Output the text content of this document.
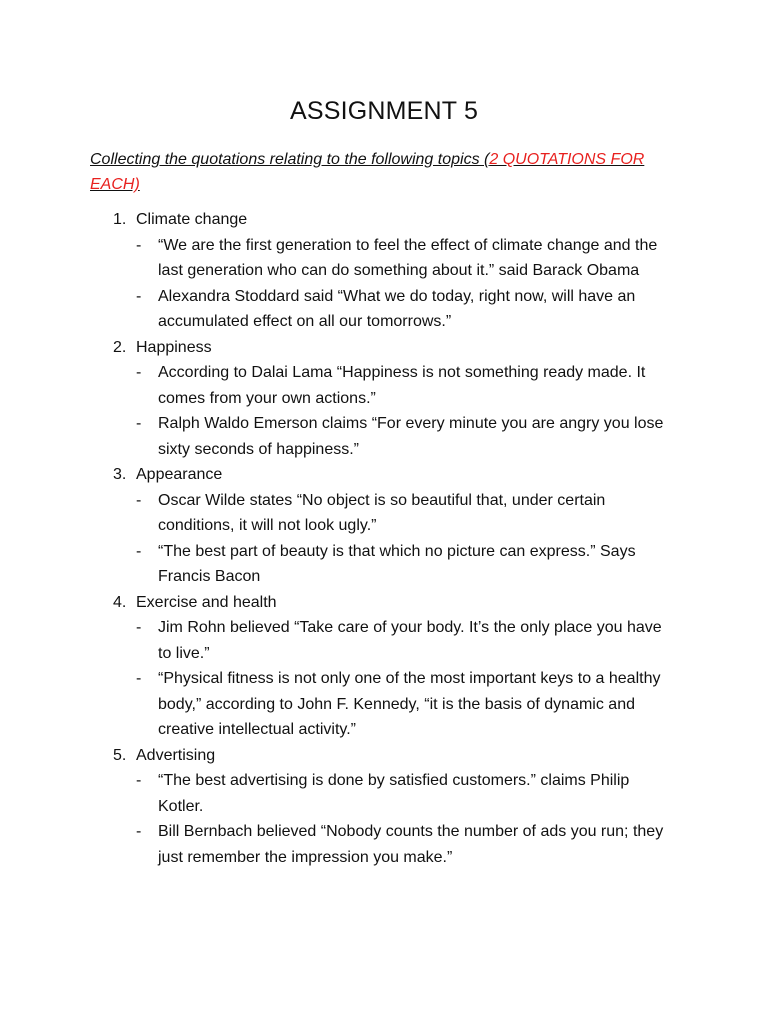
ASSIGNMENT 5
Collecting the quotations relating to the following topics (2 QUOTATIONS FOR EACH)
1. Climate change
- “We are the first generation to feel the effect of climate change and the last generation who can do something about it.” said Barack Obama
- Alexandra Stoddard said “What we do today, right now, will have an accumulated effect on all our tomorrows.”
2. Happiness
- According to Dalai Lama “Happiness is not something ready made. It comes from your own actions.”
- Ralph Waldo Emerson claims “For every minute you are angry you lose sixty seconds of happiness.”
3. Appearance
- Oscar Wilde states “No object is so beautiful that, under certain conditions, it will not look ugly.”
- “The best part of beauty is that which no picture can express.” Says Francis Bacon
4. Exercise and health
- Jim Rohn believed “Take care of your body. It’s the only place you have to live.”
- “Physical fitness is not only one of the most important keys to a healthy body,” according to John F. Kennedy, “it is the basis of dynamic and creative intellectual activity.”
5. Advertising
- “The best advertising is done by satisfied customers.” claims Philip Kotler.
- Bill Bernbach believed “Nobody counts the number of ads you run; they just remember the impression you make.”
